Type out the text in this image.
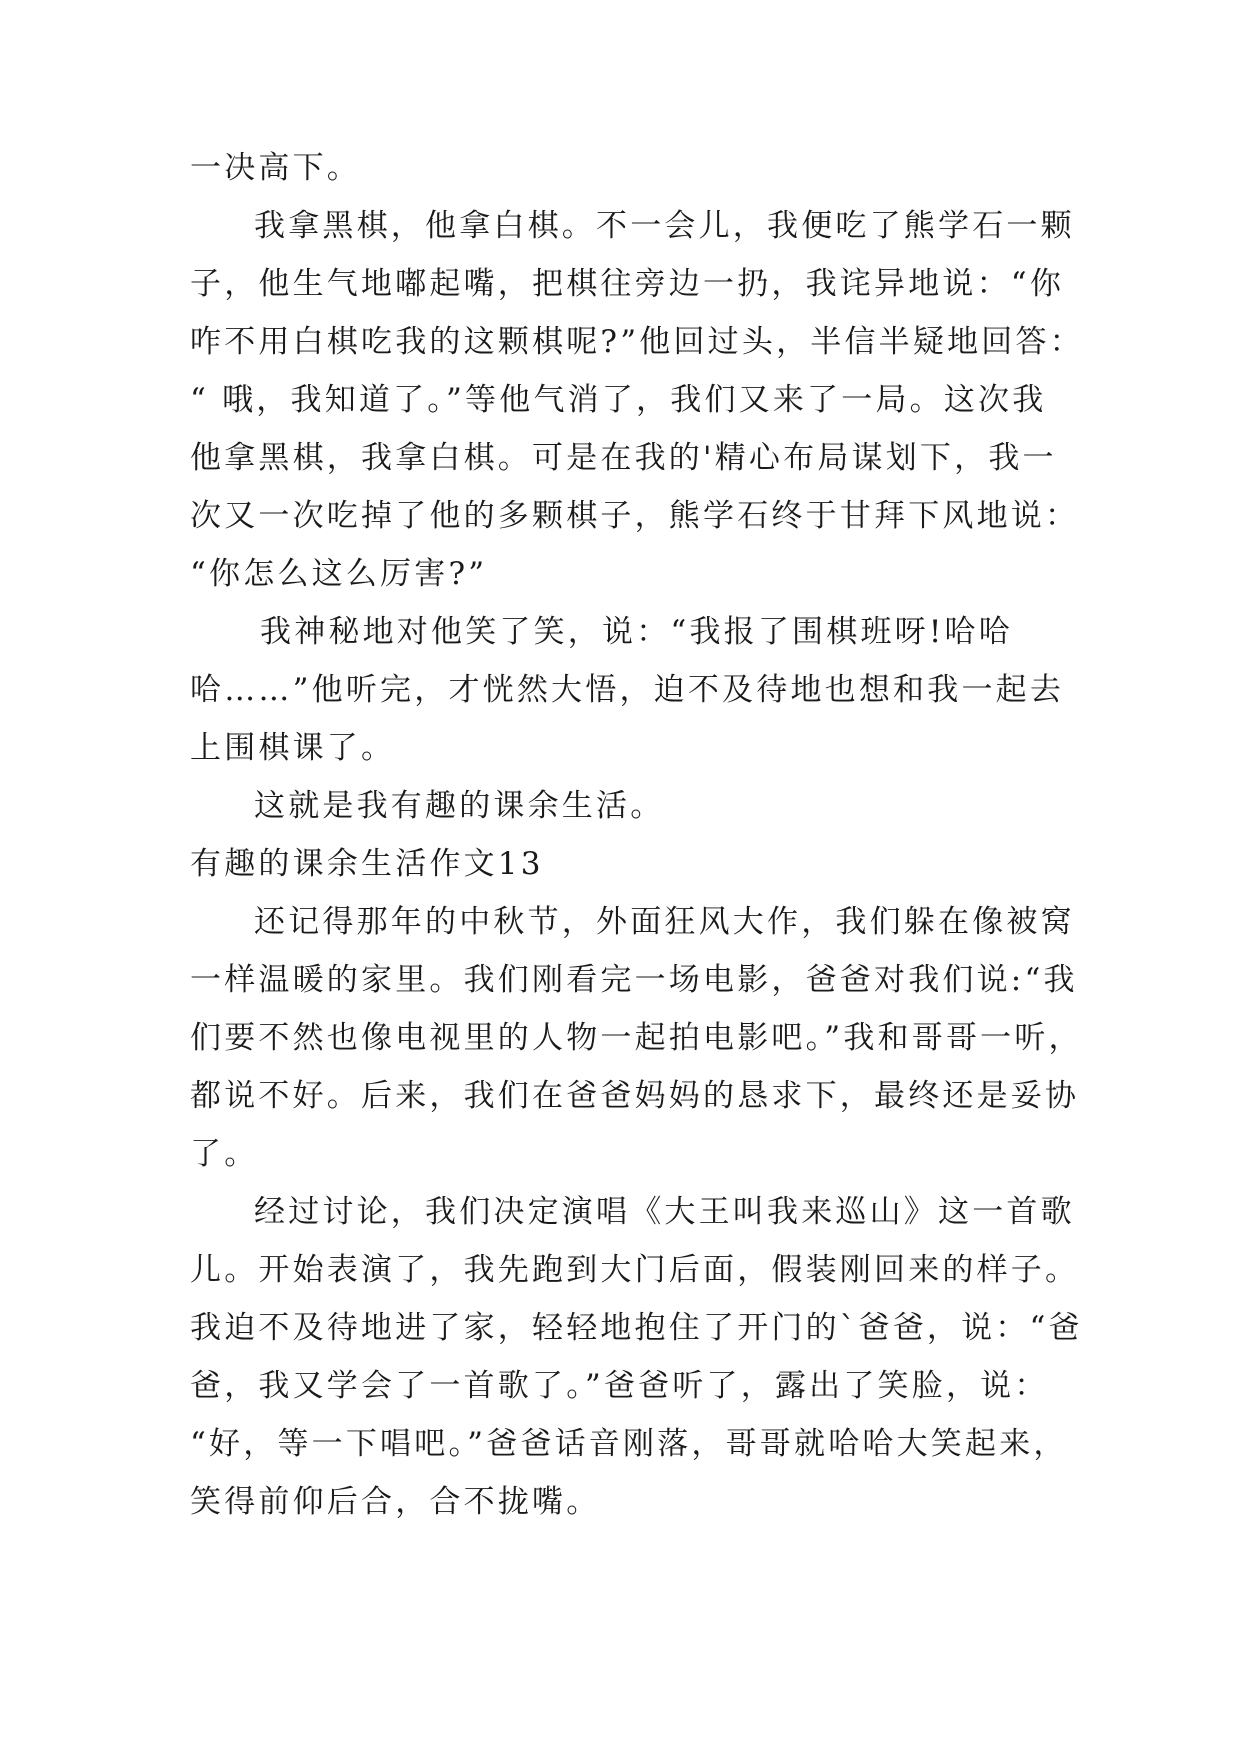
一决高下。
我拿黑棋，他拿白棋。不一会儿，我便吃了熊学石一颗
子，他生气地嘟起嘴，把棋往旁边一扔，我诧异地说：“你
咋不用白棋吃我的这颗棋呢?”他回过头，半信半疑地回答：
“ 哦，我知道了。”等他气消了，我们又来了一局。这次我
他拿黑棋，我拿白棋。可是在我的'精心布局谋划下，我一
次又一次吃掉了他的多颗棋子，熊学石终于甘拜下风地说：
“你怎么这么厉害?”
我神秘地对他笑了笑，说：“我报了围棋班呀!哈哈
哈……”他听完，才恍然大悟，迫不及待地也想和我一起去
上围棋课了。
这就是我有趣的课余生活。
有趣的课余生活作文13
还记得那年的中秋节，外面狂风大作，我们躲在像被窝
一样温暖的家里。我们刚看完一场电影，爸爸对我们说:“我
们要不然也像电视里的人物一起拍电影吧。”我和哥哥一听，
都说不好。后来，我们在爸爸妈妈的恳求下，最终还是妥协
了。
经过讨论，我们决定演唱《大王叫我来巡山》这一首歌
儿。开始表演了，我先跑到大门后面，假装刚回来的样子。
我迫不及待地进了家，轻轻地抱住了开门的`爸爸，说：“爸
爸，我又学会了一首歌了。”爸爸听了，露出了笑脸，说：
“好，等一下唱吧。”爸爸话音刚落，哥哥就哈哈大笑起来，
笑得前仰后合，合不拢嘴。
